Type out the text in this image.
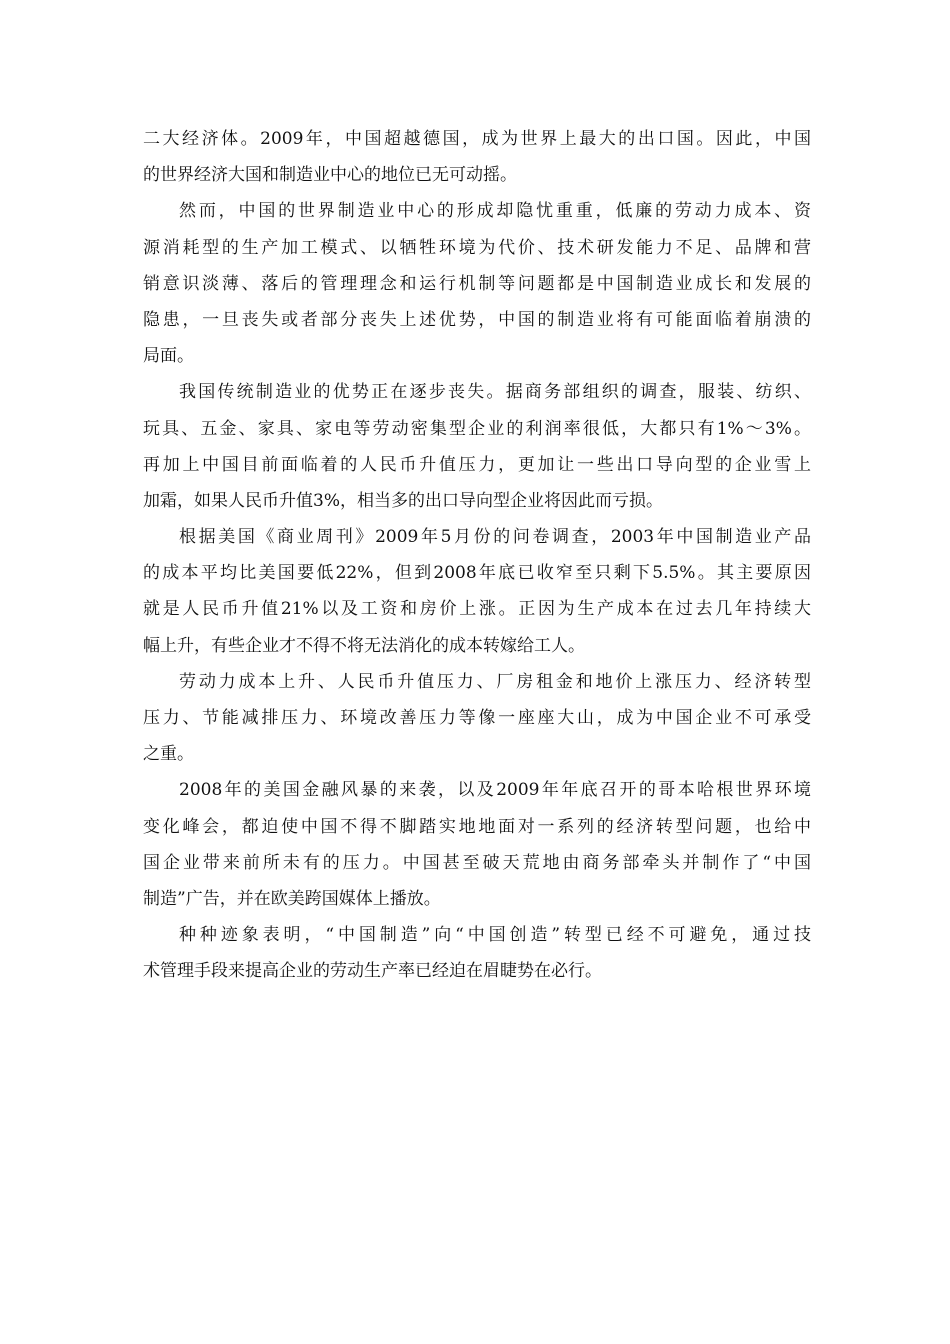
二大经济体。2009年，中国超越德国，成为世界上最大的出口国。因此，中国
的世界经济大国和制造业中心的地位已无可动摇。
然而，中国的世界制造业中心的形成却隐忧重重，低廉的劳动力成本、资
源消耗型的生产加工模式、以牺牲环境为代价、技术研发能力不足、品牌和营
销意识淡薄、落后的管理理念和运行机制等问题都是中国制造业成长和发展的
隐患，一旦丧失或者部分丧失上述优势，中国的制造业将有可能面临着崩溃的
局面。
我国传统制造业的优势正在逐步丧失。据商务部组织的调查，服装、纺织、
玩具、五金、家具、家电等劳动密集型企业的利润率很低，大都只有1%～3%。
再加上中国目前面临着的人民币升值压力，更加让一些出口导向型的企业雪上
加霜，如果人民币升值3%，相当多的出口导向型企业将因此而亏损。
根据美国《商业周刊》2009年5月份的问卷调查，2003年中国制造业产品
的成本平均比美国要低22%，但到2008年底已收窄至只剩下5.5%。其主要原因
就是人民币升值21%以及工资和房价上涨。正因为生产成本在过去几年持续大
幅上升，有些企业才不得不将无法消化的成本转嫁给工人。
劳动力成本上升、人民币升值压力、厂房租金和地价上涨压力、经济转型
压力、节能减排压力、环境改善压力等像一座座大山，成为中国企业不可承受
之重。
2008年的美国金融风暴的来袭，以及2009年年底召开的哥本哈根世界环境
变化峰会，都迫使中国不得不脚踏实地地面对一系列的经济转型问题，也给中
国企业带来前所未有的压力。中国甚至破天荒地由商务部牵头并制作了“中国
制造”广告，并在欧美跨国媒体上播放。
种种迹象表明，“中国制造”向“中国创造”转型已经不可避免，通过技
术管理手段来提高企业的劳动生产率已经迫在眉睫势在必行。
